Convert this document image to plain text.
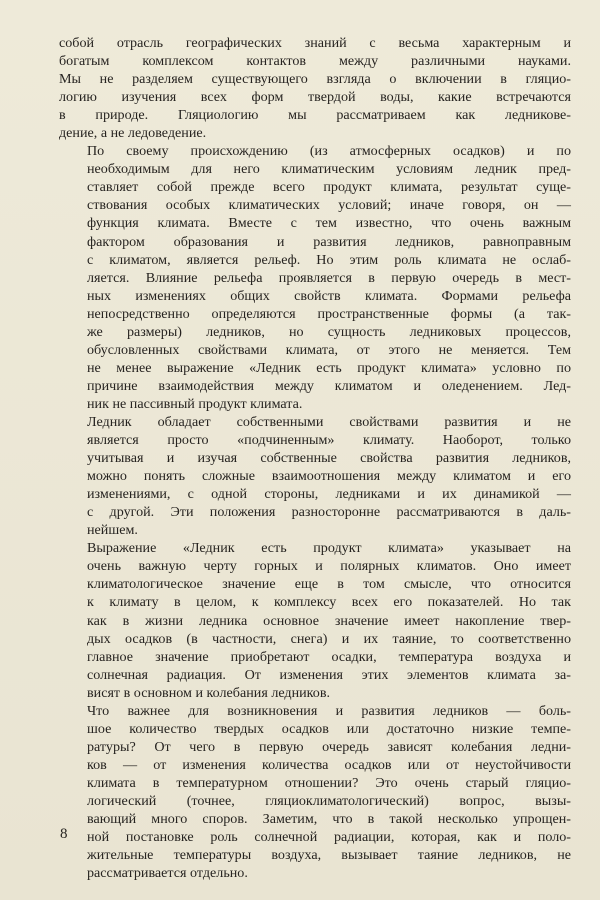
собой отрасль географических знаний с весьма характерным и
богатым комплексом контактов между различными науками.
Мы не разделяем существующего взгляда о включении в гляцио-
логию изучения всех форм твердой воды, какие встречаются
в природе. Гляциологию мы рассматриваем как ледникове-
дение, а не ледоведение.

По своему происхождению (из атмосферных осадков) и по
необходимым для него климатическим условиям ледник пред-
ставляет собой прежде всего продукт климата, результат суще-
ствования особых климатических условий; иначе говоря, он —
функция климата. Вместе с тем известно, что очень важным
фактором образования и развития ледников, равноправным
с климатом, является рельеф. Но этим роль климата не ослаб-
ляется. Влияние рельефа проявляется в первую очередь в мест-
ных изменениях общих свойств климата. Формами рельефа
непосредственно определяются пространственные формы (а так-
же размеры) ледников, но сущность ледниковых процессов,
обусловленных свойствами климата, от этого не меняется. Тем
не менее выражение «Ледник есть продукт климата» условно по
причине взаимодействия между климатом и оледенением. Лед-
ник не пассивный продукт климата.

Ледник обладает собственными свойствами развития и не
является просто «подчиненным» климату. Наоборот, только
учитывая и изучая собственные свойства развития ледников,
можно понять сложные взаимоотношения между климатом и его
изменениями, с одной стороны, ледниками и их динамикой —
с другой. Эти положения разносторонне рассматриваются в даль-
нейшем.

Выражение «Ледник есть продукт климата» указывает на
очень важную черту горных и полярных климатов. Оно имеет
климатологическое значение еще в том смысле, что относится
к климату в целом, к комплексу всех его показателей. Но так
как в жизни ледника основное значение имеет накопление твер-
дых осадков (в частности, снега) и их таяние, то соответственно
главное значение приобретают осадки, температура воздуха и
солнечная радиация. От изменения этих элементов климата за-
висят в основном и колебания ледников.

Что важнее для возникновения и развития ледников — боль-
шое количество твердых осадков или достаточно низкие темпе-
ратуры? От чего в первую очередь зависят колебания ледни-
ков — от изменения количества осадков или от неустойчивости
климата в температурном отношении? Это очень старый гляцио-
логический (точнее, гляциоклиматологический) вопрос, вызы-
вающий много споров. Заметим, что в такой несколько упрощен-
ной постановке роль солнечной радиации, которая, как и поло-
жительные температуры воздуха, вызывает таяние ледников, не
рассматривается отдельно.

8
